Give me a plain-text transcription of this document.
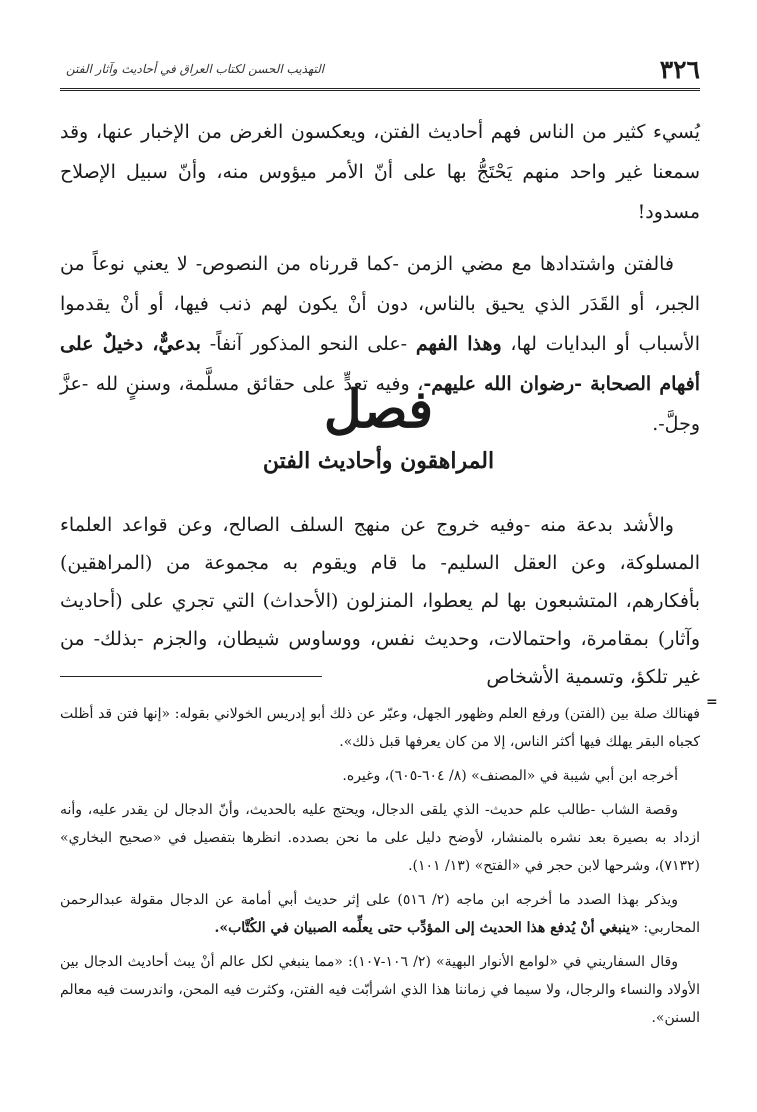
٣٢٦
التهذيب الحسن لكتاب العراق في أحاديث وآثار الفتن

يُسيء كثير من الناس فهم أحاديث الفتن، ويعكسون الغرض من الإخبار عنها، وقد سمعنا غير واحد منهم يَحْتَجُّ بها على أنّ الأمر ميؤوس منه، وأنّ سبيل الإصلاح مسدود!

فالفتن واشتدادها مع مضي الزمن -كما قررناه من النصوص- لا يعني نوعاً من الجبر، أو القَدَر الذي يحيق بالناس، دون أنْ يكون لهم ذنب فيها، أو أنْ يقدموا الأسباب أو البدايات لها، وهذا الفهم -على النحو المذكور آنفاً- بدعيٌّ، دخيلٌ على أفهام الصحابة -رضوان الله عليهم-، وفيه تعدٍّ على حقائق مسلَّمة، وسننٍ لله -عزَّ وجلَّ-.

فصل
المراهقون وأحاديث الفتن

والأشد بدعة منه -وفيه خروج عن منهج السلف الصالح، وعن قواعد العلماء المسلوكة، وعن العقل السليم- ما قام ويقوم به مجموعة من (المراهقين) بأفكارهم، المتشبعون بها لم يعطوا، المنزلون (الأحداث) التي تجري على (أحاديث وآثار) بمقامرة، واحتمالات، وحديث نفس، ووساوس شيطان، والجزم -بذلك- من غير تلكؤ، وتسمية الأشخاص

=

فهنالك صلة بين (الفتن) ورفع العلم وظهور الجهل، وعبّر عن ذلك أبو إدريس الخولاني بقوله: «إنها فتن قد أظلت كجباه البقر يهلك فيها أكثر الناس، إلا من كان يعرفها قبل ذلك».

أخرجه ابن أبي شيبة في «المصنف» (٨/ ٦٠٤-٦٠٥)، وغيره.

وقصة الشاب -طالب علم حديث- الذي يلقى الدجال، ويحتج عليه بالحديث، وأنّ الدجال لن يقدر عليه، وأنه ازداد به بصيرة بعد نشره بالمنشار، لأوضح دليل على ما نحن بصدده. انظرها بتفصيل في «صحيح البخاري» (٧١٣٢)، وشرحها لابن حجر في «الفتح» (١٣/ ١٠١).

ويذكر بهذا الصدد ما أخرجه ابن ماجه (٢/ ٥١٦) على إثر حديث أبي أمامة عن الدجال مقولة عبدالرحمن المحاربي: «ينبغي أنْ يُدفع هذا الحديث إلى المؤدِّب حتى يعلِّمه الصبيان في الكُتَّاب».

وقال السفاريني في «لوامع الأنوار البهية» (٢/ ١٠٦-١٠٧): «مما ينبغي لكل عالم أنْ يبث أحاديث الدجال بين الأولاد والنساء والرجال، ولا سيما في زماننا هذا الذي اشرأبّت فيه الفتن، وكثرت فيه المحن، واندرست فيه معالم السنن».
